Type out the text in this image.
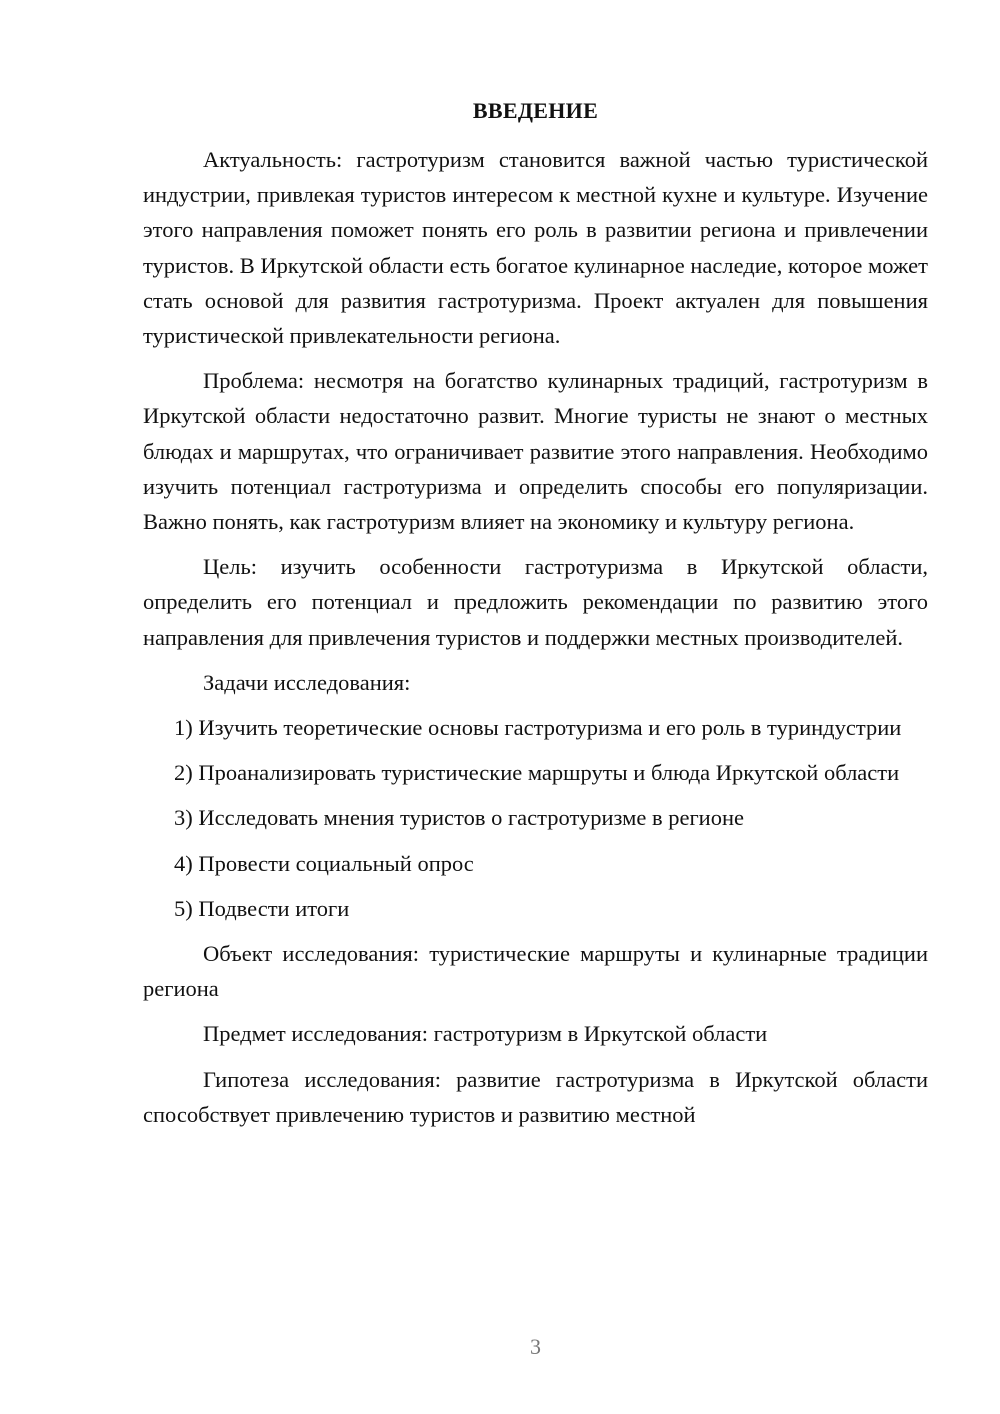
ВВЕДЕНИЕ

Актуальность: гастротуризм становится важной частью туристической индустрии, привлекая туристов интересом к местной кухне и культуре. Изучение этого направления поможет понять его роль в развитии региона и привлечении туристов. В Иркутской области есть богатое кулинарное наследие, которое может стать основой для развития гастротуризма. Проект актуален для повышения туристической привлекательности региона.

Проблема: несмотря на богатство кулинарных традиций, гастротуризм в Иркутской области недостаточно развит. Многие туристы не знают о местных блюдах и маршрутах, что ограничивает развитие этого направления. Необходимо изучить потенциал гастротуризма и определить способы его популяризации. Важно понять, как гастротуризм влияет на экономику и культуру региона.

Цель: изучить особенности гастротуризма в Иркутской области, определить его потенциал и предложить рекомендации по развитию этого направления для привлечения туристов и поддержки местных производителей.

Задачи исследования:

1) Изучить теоретические основы гастротуризма и его роль в туриндустрии

2) Проанализировать туристические маршруты и блюда Иркутской области

3) Исследовать мнения туристов о гастротуризме в регионе

4) Провести социальный опрос

5) Подвести итоги

Объект исследования: туристические маршруты и кулинарные традиции региона

Предмет исследования: гастротуризм в Иркутской области

Гипотеза исследования: развитие гастротуризма в Иркутской области способствует привлечению туристов и развитию местной

3
